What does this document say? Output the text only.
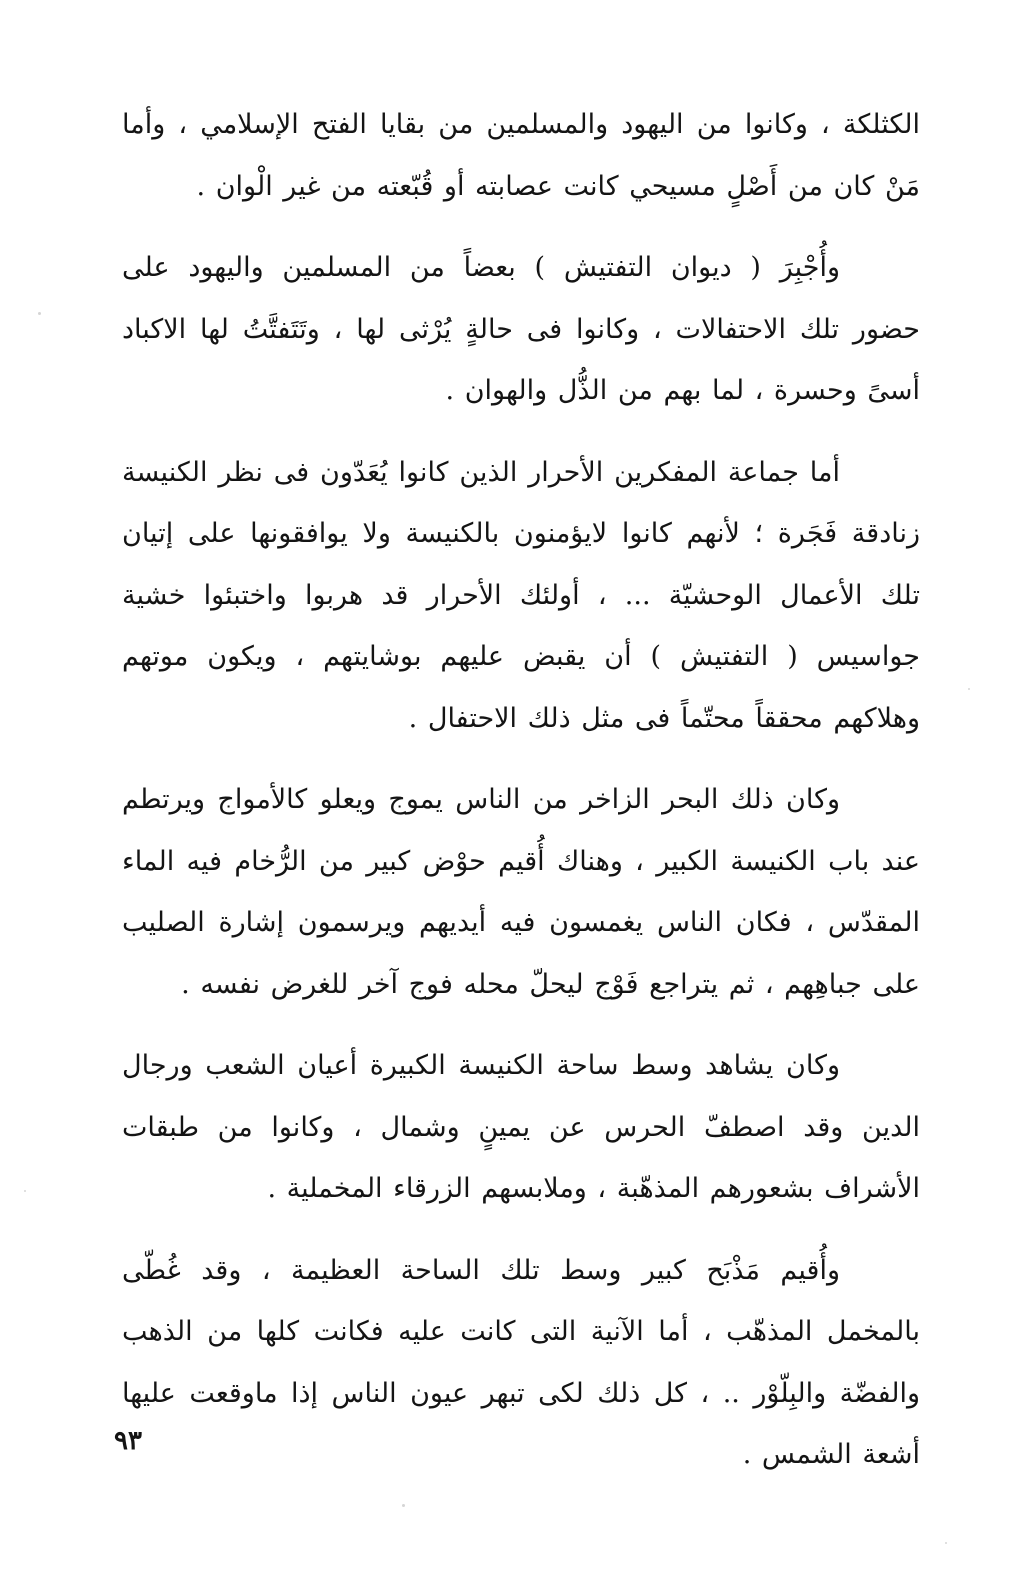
الكثلكة ، وكانوا من اليهود والمسلمين من بقايا الفتح الإسلامي ، وأما مَنْ كان من أَصْلٍ مسيحي كانت عصابته أو قُبّعته من غير الْوان .

وأُجْبِرَ ( ديوان التفتيش ) بعضاً من المسلمين واليهود على حضور تلك الاحتفالات ، وكانوا فى حالةٍ يُرْثى لها ، وتَتَفتَّتُ لها الاكباد أسىً وحسرة ، لما بهم من الذُّل والهوان .

أما جماعة المفكرين الأحرار الذين كانوا يُعَدّون فى نظر الكنيسة زنادقة فَجَرة ؛ لأنهم كانوا لايؤمنون بالكنيسة ولا يوافقونها على إتيان تلك الأعمال الوحشيّة ... ، أولئك الأحرار قد هربوا واختبئوا خشية جواسيس ( التفتيش ) أن يقبض عليهم بوشايتهم ، ويكون موتهم وهلاكهم محققاً محتّماً فى مثل ذلك الاحتفال .

وكان ذلك البحر الزاخر من الناس يموج ويعلو كالأمواج ويرتطم عند باب الكنيسة الكبير ، وهناك أُقيم حوْض كبير من الرُّخام فيه الماء المقدّس ، فكان الناس يغمسون فيه أيديهم ويرسمون إشارة الصليب على جباهِهم ، ثم يتراجع فَوْج ليحلّ محله فوج آخر للغرض نفسه .

وكان يشاهد وسط ساحة الكنيسة الكبيرة أعيان الشعب ورجال الدين وقد اصطفّ الحرس عن يمينٍ وشمال ، وكانوا من طبقات الأشراف بشعورهم المذهّبة ، وملابسهم الزرقاء المخملية .

وأُقيم مَذْبَح كبير وسط تلك الساحة العظيمة ، وقد غُطّى بالمخمل المذهّب ، أما الآنية التى كانت عليه فكانت كلها من الذهب والفضّة والبِلّوْر .. ، كل ذلك لكى تبهر عيون الناس إذا ماوقعت عليها أشعة الشمس .

٩٣
